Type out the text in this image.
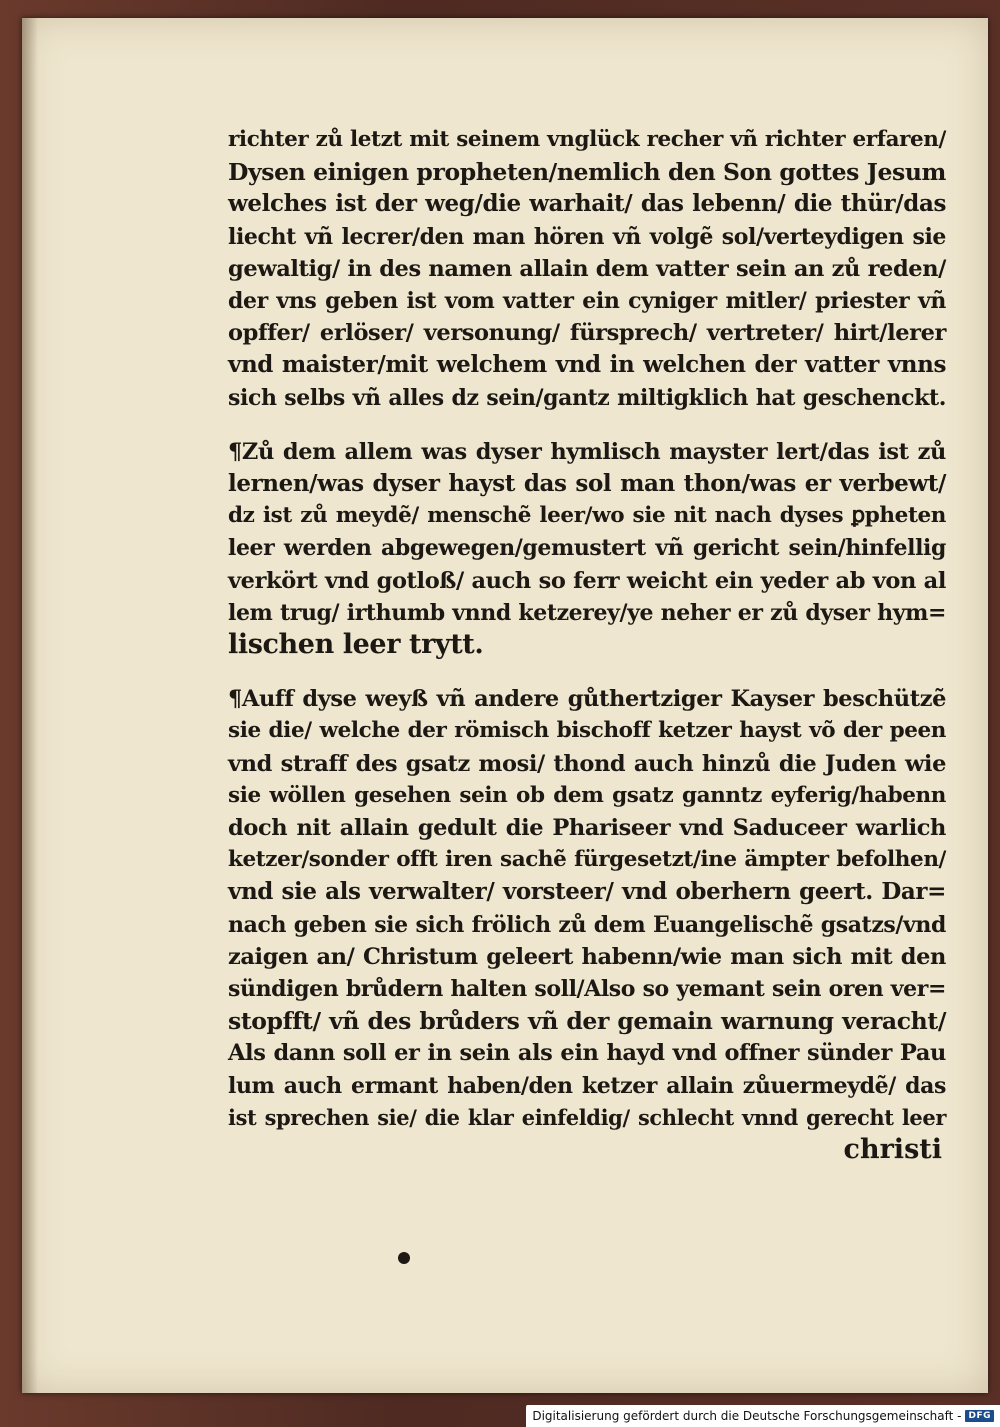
richter zů letzt mit seinem vnglück recher vñ richter erfaren/
Dysen einigen propheten/nemlich den Son gottes Jesum
welches ist der weg/die warhait/ das lebenn/ die thür/das
liecht vñ lecrer/den man hören vñ volgẽ sol/verteydigen sie
gewaltig/ in des namen allain dem vatter sein an zů reden/
der vns geben ist vom vatter ein cyniger mitler/ priester vñ
opffer/ erlöser/ versonung/ fürsprech/ vertreter/ hirt/lerer
vnd maister/mit welchem vnd in welchen der vatter vnns
sich selbs vñ alles dz sein/gantz miltigklich hat geschenckt.
¶Zů dem allem was dyser hymlisch mayster lert/das ist zů
lernen/was dyser hayst das sol man thon/was er verbewt/
dz ist zů meydẽ/ menschẽ leer/wo sie nit nach dyses ꝑpheten
leer werden abgewegen/gemustert vñ gericht sein/hinfellig
verkört vnd gotloß/ auch so ferr weicht ein yeder ab von al
lem trug/ irthumb vnnd ketzerey/ye neher er zů dyser hym=
lischen leer trytt.
¶Auff dyse weyß vñ andere gůthertziger Kayser beschützẽ
sie die/ welche der römisch bischoff ketzer hayst võ der peen
vnd straff des gsatz mosi/ thond auch hinzů die Juden wie
sie wöllen gesehen sein ob dem gsatz ganntz eyferig/habenn
doch nit allain gedult die Phariseer vnd Saduceer warlich
ketzer/sonder offt iren sachẽ fürgesetzt/ine ämpter befolhen/
vnd sie als verwalter/ vorsteer/ vnd oberhern geert. Dar=
nach geben sie sich frölich zů dem Euangelischẽ gsatzs/vnd
zaigen an/ Christum geleert habenn/wie man sich mit den
sündigen brůdern halten soll/Also so yemant sein oren ver=
stopfft/ vñ des brůders vñ der gemain warnung veracht/
Als dann soll er in sein als ein hayd vnd offner sünder Pau
lum auch ermant haben/den ketzer allain zůuermeydẽ/ das
ist sprechen sie/ die klar einfeldig/ schlecht vnnd gerecht leer
christi
Digitalisierung gefördert durch die Deutsche Forschungsgemeinschaft - DFG
